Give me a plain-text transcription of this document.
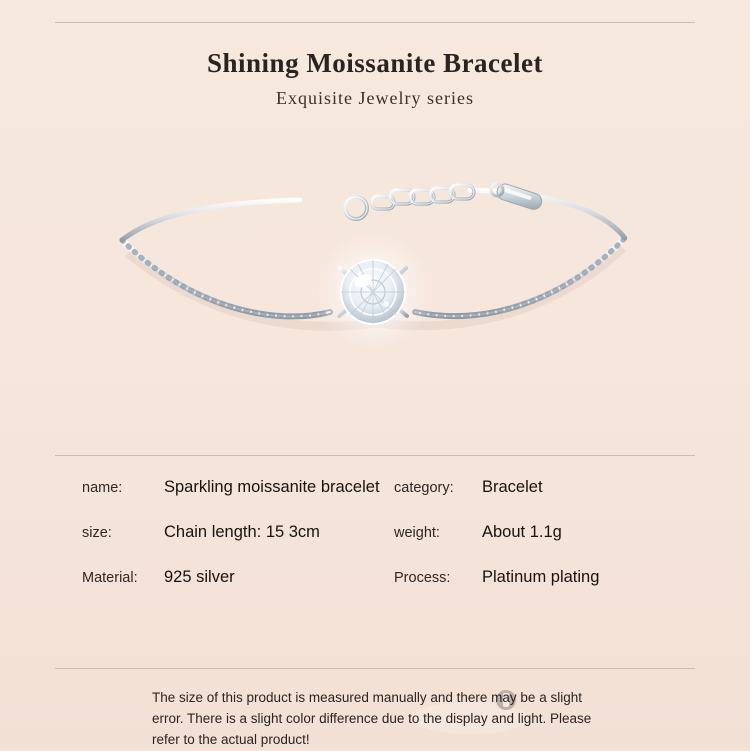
Shining Moissanite Bracelet
Exquisite Jewelry series
name:	Sparkling moissanite bracelet category:	Bracelet
size:	Chain length: 15 3cm	weight:	About 1.1g
Material:	925 silver	Process:	Platinum plating
The size of this product is measured manually and there may be a slight error. There is a slight color difference due to the display and light. Please refer to the actual product!
